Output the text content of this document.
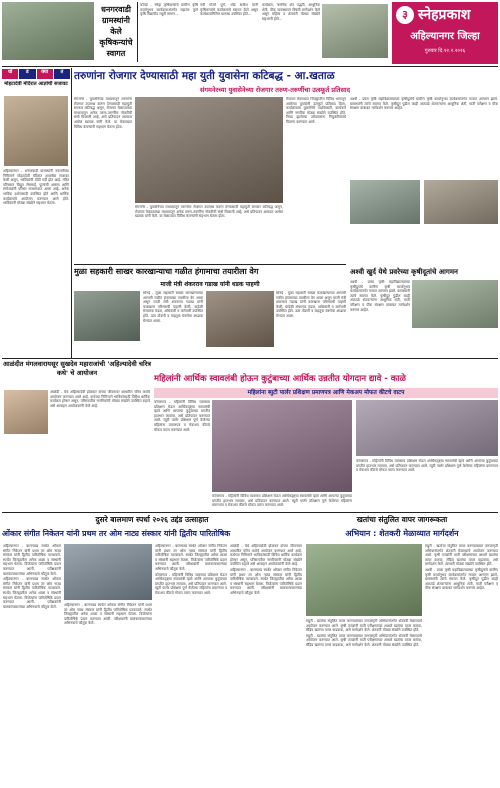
धनगरवाडी ग्रामस्थांनी केले कृषिकन्यांचे स्वागत

कोपर्डे - 'स्नेहा कृषिकन्यांचे ग्रामीण कृषि कार्यानुभव कार्यक्रमाअंतर्गत महात्मा फुले कृषि विद्यापीठ राहुरी संलग्न...

नवी गोरले पुणे, धोंडे सतीश यांनी कृषिकन्यांचे कार्यक्रमाचे स्वागत केले असून कार्यक्रमानिमित्त ग्रामस्थ उपस्थित होते...

कार्यक्रम, नागरिक शेत पद्धती, आधुनिक शेती, पीक व्यवस्थापन विषयी मार्गदर्शन केले असून महिला व शेतकरी मोठ्या संख्येने सहभागी होते...	३ स्नेहप्रकाश
अहिल्यानगर जिल्हा
गुरुवार दि.१२.२.२०२६
धो	ड	क्या	त
मोहटादेवी मंदिरात आज्ञांची सजावट

अहिल्यानगर - धनगरवाडी ग्रामस्थांनी नवरात्रीच्या निमित्ताने मोहटादेवी मंदिरात आकर्षक सजावट केली असून, भाविकांची मोठी गर्दी होत आहे. मंदिर परिसरात विद्युत रोषणाई, फुलांची आरास आणि रांगोळ्यांनी परिसर सजवण्यात आला आहे. अनेक भाविक दर्शनासाठी उपस्थित होते आणि धार्मिक कार्यक्रमांचे आयोजन करण्यात आले होते. भाविकांनी मोठ्या संख्येने सहभाग घेतला.

तरुणांना रोजगार देण्यासाठी महा युती युवासेना कटिबद्ध - आ.खताळ
संगमनेरच्या युवासेनेच्या रोजगार तरुण-तरुणींचा उत्स्फूर्त प्रतिसाद

संगमनेर - युवासेनेच्या माध्यमातून तरुणांना रोजगार उपलब्ध करून देण्यासाठी महायुती सरकार कटिबद्ध असून, रोजगार मेळाव्याच्या माध्यमातून अनेक तरुण-तरुणींना नोकरीची संधी मिळाली आहे, असे प्रतिपादन आमदार अमोल खताळ यांनी केले. या मेळाव्यात विविध कंपन्यांनी सहभाग घेतला होता.

रोजगार मेळाव्यात जिल्ह्यातील विविध भागातून आलेल्या युवकांनी उत्स्फूर्त प्रतिसाद दिला. कार्यक्रमाला युवासेनेचे पदाधिकारी, कार्यकर्ते आणि नागरिक मोठ्या संख्येने उपस्थित होते. निवड झालेल्या उमेदवारांना नियुक्तीपत्रांचे वितरण करण्यात आले.

अश्वी - प्रवरा कृषी महाविद्यालयाच्या कृषीदूतांचे ग्रामीण कृषी कार्यानुभव कार्यक्रमांतर्गत गावात आगमन झाले. ग्रामस्थांनी त्यांचे स्वागत केले. कृषीदूत पुढील काही आठवडे शेतकऱ्यांना आधुनिक शेती, माती परीक्षण व पीक संरक्षण याबाबत मार्गदर्शन करणार आहेत.

संगमनेर - युवासेनेच्या माध्यमातून तरुणांना रोजगार उपलब्ध करून देण्यासाठी महायुती सरकार कटिबद्ध असून, रोजगार मेळाव्याच्या माध्यमातून अनेक तरुण-तरुणींना नोकरीची संधी मिळाली आहे, असे प्रतिपादन आमदार अमोल खताळ यांनी केले. या मेळाव्यात विविध कंपन्यांनी सहभाग घेतला होता.

मुळा सहकारी साखर कारखान्याचा गळीत हंगामाचा तयारीला वेग
माजी मंत्री शंकरराव गडाख यांनी धडक पाहणी

सोनई - मुळा सहकारी साखर कारखान्याच्या आगामी गळीत हंगामाच्या तयारीला वेग आला असून माजी मंत्री शंकरराव गडाख यांनी कारखाना परिसराची पाहणी केली. यावेळी संचालक मंडळ, अधिकारी व कर्मचारी उपस्थित होते. ऊस तोडणी व वाहतूक यंत्रणेचा आढावा घेण्यात आला.

सोनई - मुळा सहकारी साखर कारखान्याच्या आगामी गळीत हंगामाच्या तयारीला वेग आला असून माजी मंत्री शंकरराव गडाख यांनी कारखाना परिसराची पाहणी केली. यावेळी संचालक मंडळ, अधिकारी व कर्मचारी उपस्थित होते. ऊस तोडणी व वाहतूक यंत्रणेचा आढावा घेण्यात आला.

अश्वी खुर्द येथे प्रवरेच्या कृषीदूतांचे आगमन

अश्वी - प्रवरा कृषी महाविद्यालयाच्या कृषीदूतांचे ग्रामीण कृषी कार्यानुभव कार्यक्रमांतर्गत गावात आगमन झाले. ग्रामस्थांनी त्यांचे स्वागत केले. कृषीदूत पुढील काही आठवडे शेतकऱ्यांना आधुनिक शेती, माती परीक्षण व पीक संरक्षण याबाबत मार्गदर्शन करणार आहेत.

आळंदीत मंगलवारायसूर सुखदेव महाराजांची 'अहिल्यादेवी चरित्र कथे' चे आयोजन

आळंदी - येथे अहिल्यादेवी होळकर यांच्या जीवनावर आधारित चरित्र कथेचे आयोजन करण्यात आले आहे. कथेच्या निमित्ताने भाविकांसाठी विविध धार्मिक कार्यक्रम होणार असून, परिसरातील नागरिकांनी मोठ्या संख्येने उपस्थित राहावे असे आवाहन आयोजकांनी केले आहे.

महिलांनी आर्थिक स्वावलंबी होऊन कुटुंबाच्या आर्थिक उन्नतीत योगदान द्यावे - काळे
महिलांना ब्युटी पार्लर प्रशिक्षण प्रमाणपत्र आणि मेकअप मोफत कीटचे वाटप

कोपरगाव - महिलांनी विविध व्यवसाय प्रशिक्षण घेऊन आर्थिकदृष्ट्या स्वावलंबी व्हावे आणि आपल्या कुटुंबाच्या प्रगतीत हातभार लावावा, असे प्रतिपादन करण्यात आले. ब्युटी पार्लर प्रशिक्षण पूर्ण केलेल्या महिलांना प्रमाणपत्र व मेकअप कीटचे मोफत वाटप करण्यात आले.

कोपरगाव - महिलांनी विविध व्यवसाय प्रशिक्षण घेऊन आर्थिकदृष्ट्या स्वावलंबी व्हावे आणि आपल्या कुटुंबाच्या प्रगतीत हातभार लावावा, असे प्रतिपादन करण्यात आले. ब्युटी पार्लर प्रशिक्षण पूर्ण केलेल्या महिलांना प्रमाणपत्र व मेकअप कीटचे मोफत वाटप करण्यात आले.

कोपरगाव - महिलांनी विविध व्यवसाय प्रशिक्षण घेऊन आर्थिकदृष्ट्या स्वावलंबी व्हावे आणि आपल्या कुटुंबाच्या प्रगतीत हातभार लावावा, असे प्रतिपादन करण्यात आले. ब्युटी पार्लर प्रशिक्षण पूर्ण केलेल्या महिलांना प्रमाणपत्र व मेकअप कीटचे मोफत वाटप करण्यात आले.

दुसरे बालमाण स्पर्धा २०२६ उद्दंड उत्साहात
ओंकार संगीत निकेतन यांनी प्रथम तर ओम नाट्य संस्कार यांनी द्वितीय पारितोषिक

अहिल्यानगर - बालनाट्य स्पर्धेत ओंकार संगीत निकेतन यांनी प्रथम तर ओम नाट्य संस्कार यांनी द्वितीय पारितोषिक पटकावले. स्पर्धेत जिल्ह्यातील अनेक शाळा व संस्थांनी सहभाग घेतला. विजेत्यांना पारितोषिके प्रदान करण्यात आली. परीक्षकांनी बालकलाकारांच्या अभिनयाचे कौतुक केले.

अहिल्यानगर - बालनाट्य स्पर्धेत ओंकार संगीत निकेतन यांनी प्रथम तर ओम नाट्य संस्कार यांनी द्वितीय पारितोषिक पटकावले. स्पर्धेत जिल्ह्यातील अनेक शाळा व संस्थांनी सहभाग घेतला. विजेत्यांना पारितोषिके प्रदान करण्यात आली. परीक्षकांनी बालकलाकारांच्या अभिनयाचे कौतुक केले.	अहिल्यानगर - बालनाट्य स्पर्धेत ओंकार संगीत निकेतन यांनी प्रथम तर ओम नाट्य संस्कार यांनी द्वितीय पारितोषिक पटकावले. स्पर्धेत जिल्ह्यातील अनेक शाळा व संस्थांनी सहभाग घेतला. विजेत्यांना पारितोषिके प्रदान करण्यात आली. परीक्षकांनी बालकलाकारांच्या अभिनयाचे कौतुक केले.

अहिल्यानगर - बालनाट्य स्पर्धेत ओंकार संगीत निकेतन यांनी प्रथम तर ओम नाट्य संस्कार यांनी द्वितीय पारितोषिक पटकावले. स्पर्धेत जिल्ह्यातील अनेक शाळा व संस्थांनी सहभाग घेतला. विजेत्यांना पारितोषिके प्रदान करण्यात आली. परीक्षकांनी बालकलाकारांच्या अभिनयाचे कौतुक केले.

कोपरगाव - महिलांनी विविध व्यवसाय प्रशिक्षण घेऊन आर्थिकदृष्ट्या स्वावलंबी व्हावे आणि आपल्या कुटुंबाच्या प्रगतीत हातभार लावावा, असे प्रतिपादन करण्यात आले. ब्युटी पार्लर प्रशिक्षण पूर्ण केलेल्या महिलांना प्रमाणपत्र व मेकअप कीटचे मोफत वाटप करण्यात आले.

आळंदी - येथे अहिल्यादेवी होळकर यांच्या जीवनावर आधारित चरित्र कथेचे आयोजन करण्यात आले आहे. कथेच्या निमित्ताने भाविकांसाठी विविध धार्मिक कार्यक्रम होणार असून, परिसरातील नागरिकांनी मोठ्या संख्येने उपस्थित राहावे असे आवाहन आयोजकांनी केले आहे.

अहिल्यानगर - बालनाट्य स्पर्धेत ओंकार संगीत निकेतन यांनी प्रथम तर ओम नाट्य संस्कार यांनी द्वितीय पारितोषिक पटकावले. स्पर्धेत जिल्ह्यातील अनेक शाळा व संस्थांनी सहभाग घेतला. विजेत्यांना पारितोषिके प्रदान करण्यात आली. परीक्षकांनी बालकलाकारांच्या अभिनयाचे कौतुक केले.

खतांचा संतुलित वापर जागरूकता
अभियान : शेतकरी मेळाव्यात मार्गदर्शन

राहुरी - खतांचा संतुलित वापर करण्याबाबत जनजागृती अभियानांतर्गत शेतकरी मेळाव्याचे आयोजन करण्यात आले. कृषी तज्ज्ञांनी माती परीक्षणाच्या आधारे खतांचा वापर करावा, सेंद्रिय खतांचा वापर वाढवावा, असे मार्गदर्शन केले. शेतकरी मोठ्या संख्येने उपस्थित होते.

राहुरी - खतांचा संतुलित वापर करण्याबाबत जनजागृती अभियानांतर्गत शेतकरी मेळाव्याचे आयोजन करण्यात आले. कृषी तज्ज्ञांनी माती परीक्षणाच्या आधारे खतांचा वापर करावा, सेंद्रिय खतांचा वापर वाढवावा, असे मार्गदर्शन केले. शेतकरी मोठ्या संख्येने उपस्थित होते.

राहुरी - खतांचा संतुलित वापर करण्याबाबत जनजागृती अभियानांतर्गत शेतकरी मेळाव्याचे आयोजन करण्यात आले. कृषी तज्ज्ञांनी माती परीक्षणाच्या आधारे खतांचा वापर करावा, सेंद्रिय खतांचा वापर वाढवावा, असे मार्गदर्शन केले. शेतकरी मोठ्या संख्येने उपस्थित होते.

अश्वी - प्रवरा कृषी महाविद्यालयाच्या कृषीदूतांचे ग्रामीण कृषी कार्यानुभव कार्यक्रमांतर्गत गावात आगमन झाले. ग्रामस्थांनी त्यांचे स्वागत केले. कृषीदूत पुढील काही आठवडे शेतकऱ्यांना आधुनिक शेती, माती परीक्षण व पीक संरक्षण याबाबत मार्गदर्शन करणार आहेत.
